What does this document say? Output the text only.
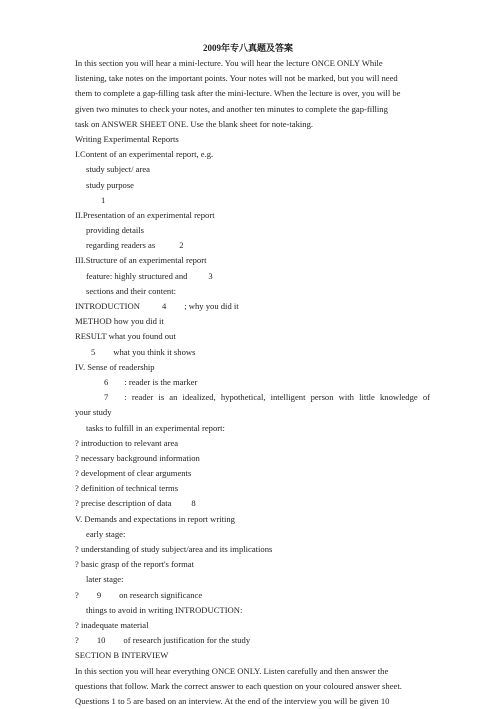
2009年专八真题及答案
In this section you will hear a mini-lecture. You will hear the lecture ONCE ONLY While
listening, take notes on the important points. Your notes will not be marked, but you will need
them to complete a gap-filling task after the mini-lecture. When the lecture is over, you will be
given two minutes to check your notes, and another ten minutes to complete the gap-filling
task on ANSWER SHEET ONE. Use the blank sheet for note-taking.
Writing Experimental Reports
I.Content of an experimental report, e.g.
study subject/ area
study purpose
1
II.Presentation of an experimental report
providing details
regarding readers as	2
III.Structure of an experimental report
feature: highly structured and 3
sections and their content:
INTRODUCTION	4 ; why you did it
METHOD how you did it
RESULT what you found out
5 what you think it shows
IV. Sense of readership
6 : reader is the marker
7 : reader is an idealized, hypothetical, intelligent person with little knowledge of
your study
tasks to fulfill in an experimental report:
? introduction to relevant area
? necessary background information
? development of clear arguments
? definition of technical terms
? precise description of data 8
V. Demands and expectations in report writing
early stage:
? understanding of study subject/area and its implications
? basic grasp of the report's format
later stage:
? 9 on research significance
things to avoid in writing INTRODUCTION:
? inadequate material
? 10 of research justification for the study
SECTION B INTERVIEW
In this section you will hear everything ONCE ONLY. Listen carefully and then answer the
questions that follow. Mark the correct answer to each question on your coloured answer sheet.
Questions 1 to 5 are based on an interview. At the end of the interview you will be given 10
